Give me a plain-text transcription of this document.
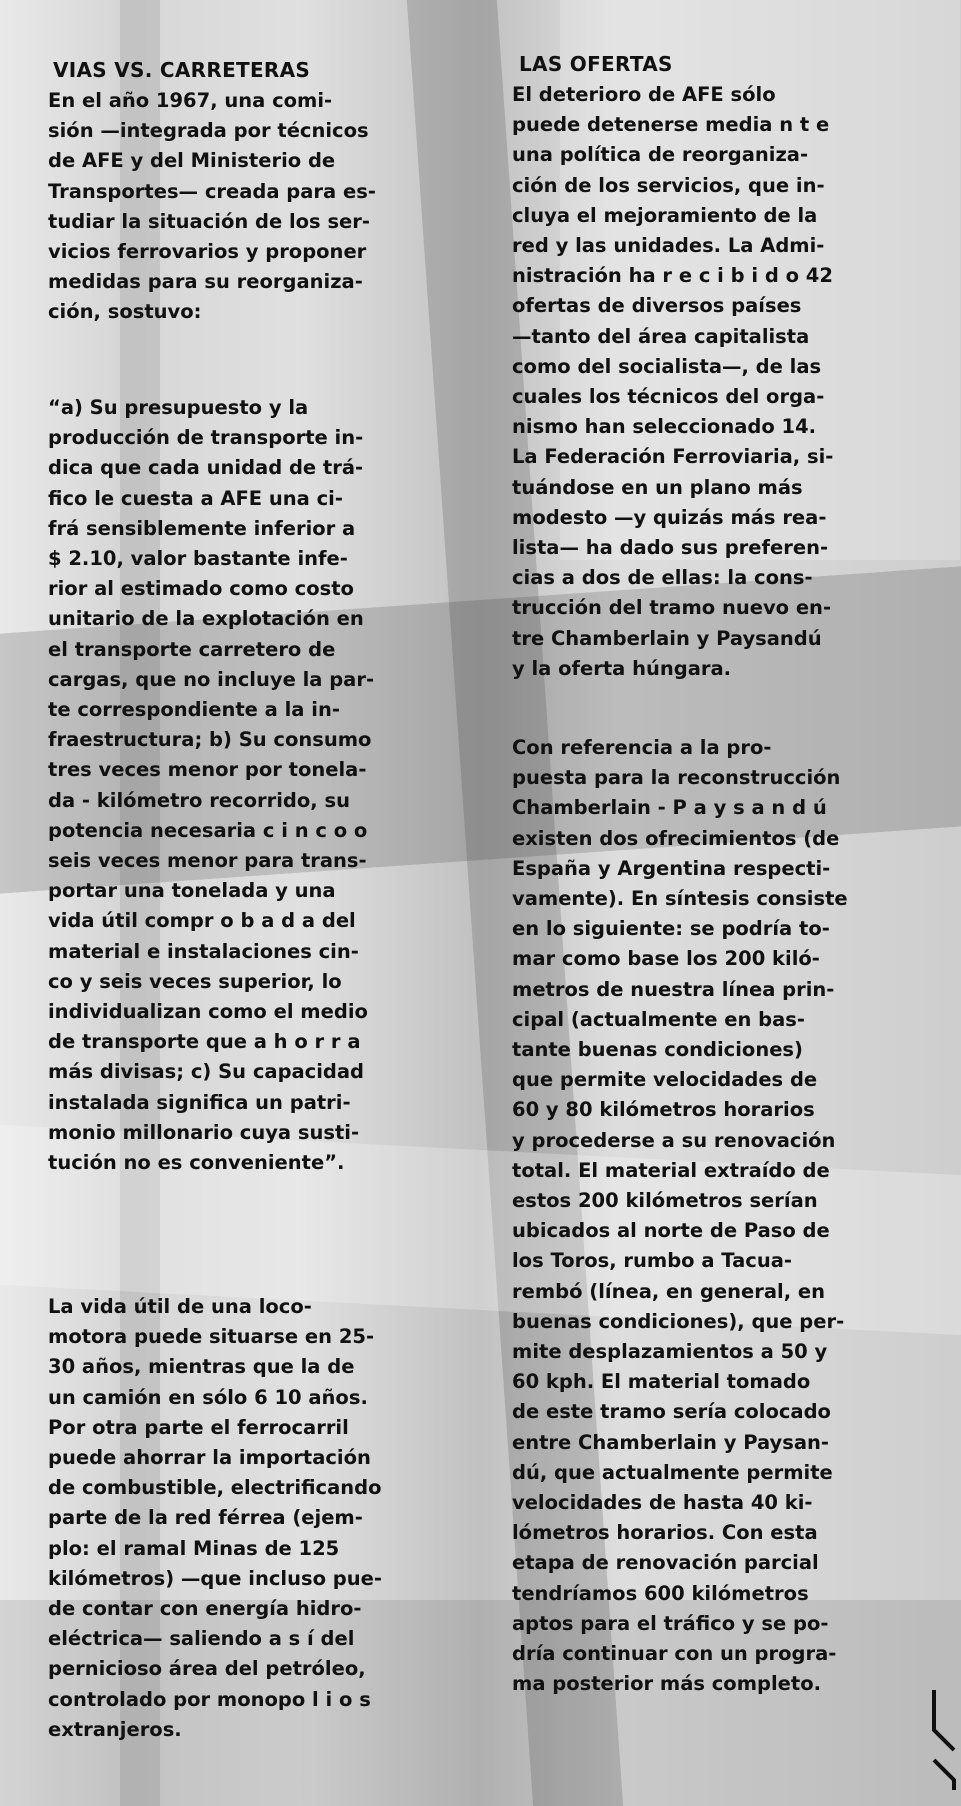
VIAS VS. CARRETERAS

En el año 1967, una comi-
sión —integrada por técnicos
de AFE y del Ministerio de
Transportes— creada para es-
tudiar la situación de los ser-
vicios ferrovarios y proponer
medidas para su reorganiza-
ción, sostuvo:

“a) Su presupuesto y la
producción de transporte in-
dica que cada unidad de trá-
fico le cuesta a AFE una ci-
frá sensiblemente inferior a
$ 2.10, valor bastante infe-
rior al estimado como costo
unitario de la explotación en
el transporte carretero de
cargas, que no incluye la par-
te correspondiente a la in-
fraestructura; b) Su consumo
tres veces menor por tonela-
da - kilómetro recorrido, su
potencia necesaria c i n c o o
seis veces menor para trans-
portar una tonelada y una
vida útil compr o b a d a del
material e instalaciones cin-
co y seis veces superior, lo
individualizan como el medio
de transporte que a h o r r a
más divisas; c) Su capacidad
instalada significa un patri-
monio millonario cuya susti-
tución no es conveniente”.

La vida útil de una loco-
motora puede situarse en 25-
30 años, mientras que la de
un camión en sólo 6 10 años.
Por otra parte el ferrocarril
puede ahorrar la importación
de combustible, electrificando
parte de la red férrea (ejem-
plo: el ramal Minas de 125
kilómetros) —que incluso pue-
de contar con energía hidro-
eléctrica— saliendo a s í del
pernicioso área del petróleo,
controlado por monopo l i o s
extranjeros.

LAS OFERTAS

El deterioro de AFE sólo
puede detenerse media n t e
una política de reorganiza-
ción de los servicios, que in-
cluya el mejoramiento de la
red y las unidades. La Admi-
nistración ha r e c i b i d o 42
ofertas de diversos países
—tanto del área capitalista
como del socialista—, de las
cuales los técnicos del orga-
nismo han seleccionado 14.
La Federación Ferroviaria, si-
tuándose en un plano más
modesto —y quizás más rea-
lista— ha dado sus preferen-
cias a dos de ellas: la cons-
trucción del tramo nuevo en-
tre Chamberlain y Paysandú
y la oferta húngara.

Con referencia a la pro-
puesta para la reconstrucción
Chamberlain - P a y s a n d ú
existen dos ofrecimientos (de
España y Argentina respecti-
vamente). En síntesis consiste
en lo siguiente: se podría to-
mar como base los 200 kiló-
metros de nuestra línea prin-
cipal (actualmente en bas-
tante buenas condiciones)
que permite velocidades de
60 y 80 kilómetros horarios
y procederse a su renovación
total. El material extraído de
estos 200 kilómetros serían
ubicados al norte de Paso de
los Toros, rumbo a Tacua-
rembó (línea, en general, en
buenas condiciones), que per-
mite desplazamientos a 50 y
60 kph. El material tomado
de este tramo sería colocado
entre Chamberlain y Paysan-
dú, que actualmente permite
velocidades de hasta 40 ki-
lómetros horarios. Con esta
etapa de renovación parcial
tendríamos 600 kilómetros
aptos para el tráfico y se po-
dría continuar con un progra-
ma posterior más completo.
